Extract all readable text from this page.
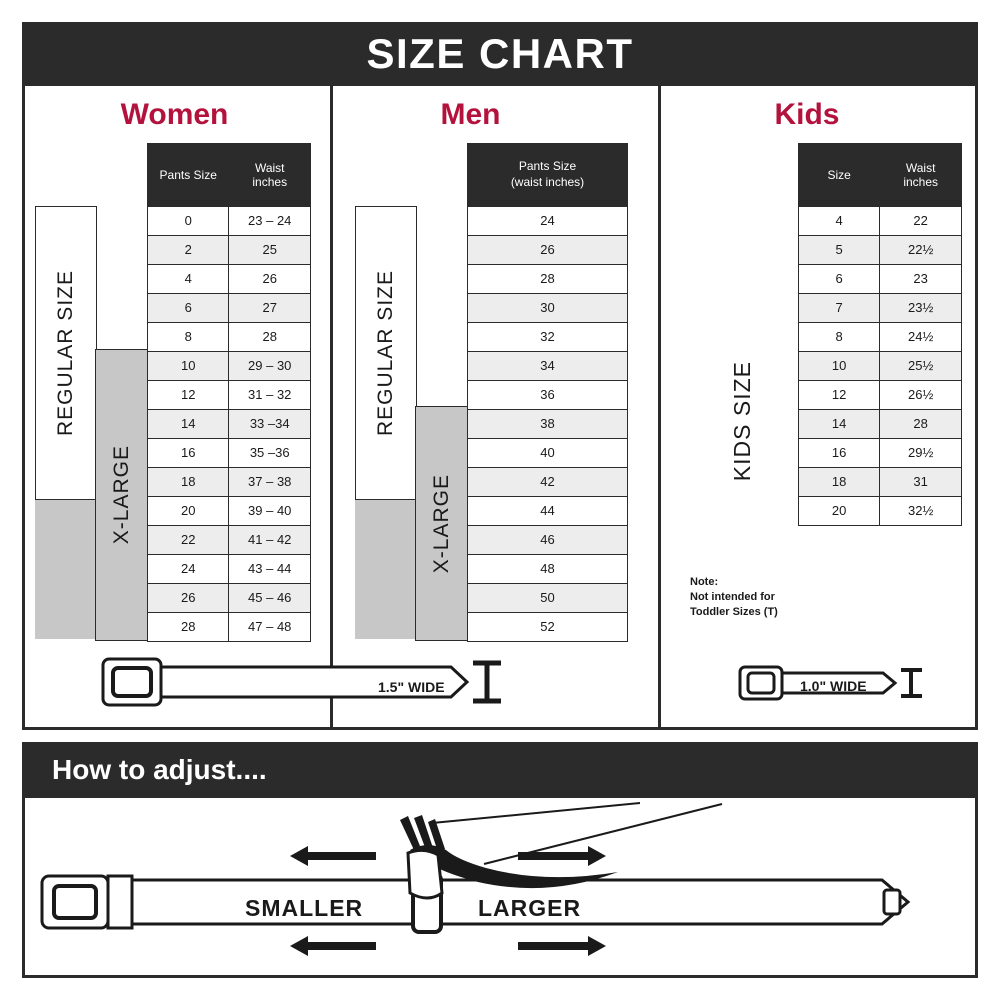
SIZE CHART
Women
REGULAR SIZE
X-LARGE
Pants Size	Waist
inches
0	23 – 24
2	25
4	26
6	27
8	28
10	29 – 30
12	31 – 32
14	33 –34
16	35 –36
18	37 – 38
20	39 – 40
22	41 – 42
24	43 – 44
26	45 – 46
28	47 – 48
Men
REGULAR SIZE
X-LARGE
Pants Size
(waist inches)
24
26
28
30
32
34
36
38
40
42
44
46
48
50
52
Kids
KIDS SIZE
Size	Waist
inches
4	22
5	22½
6	23
7	23½
8	24½
10	25½
12	26½
14	28
16	29½
18	31
20	32½
Note:
Not intended for
Toddler Sizes (T)
1.5" WIDE	1.0" WIDE
How to adjust....
SMALLER	LARGER
